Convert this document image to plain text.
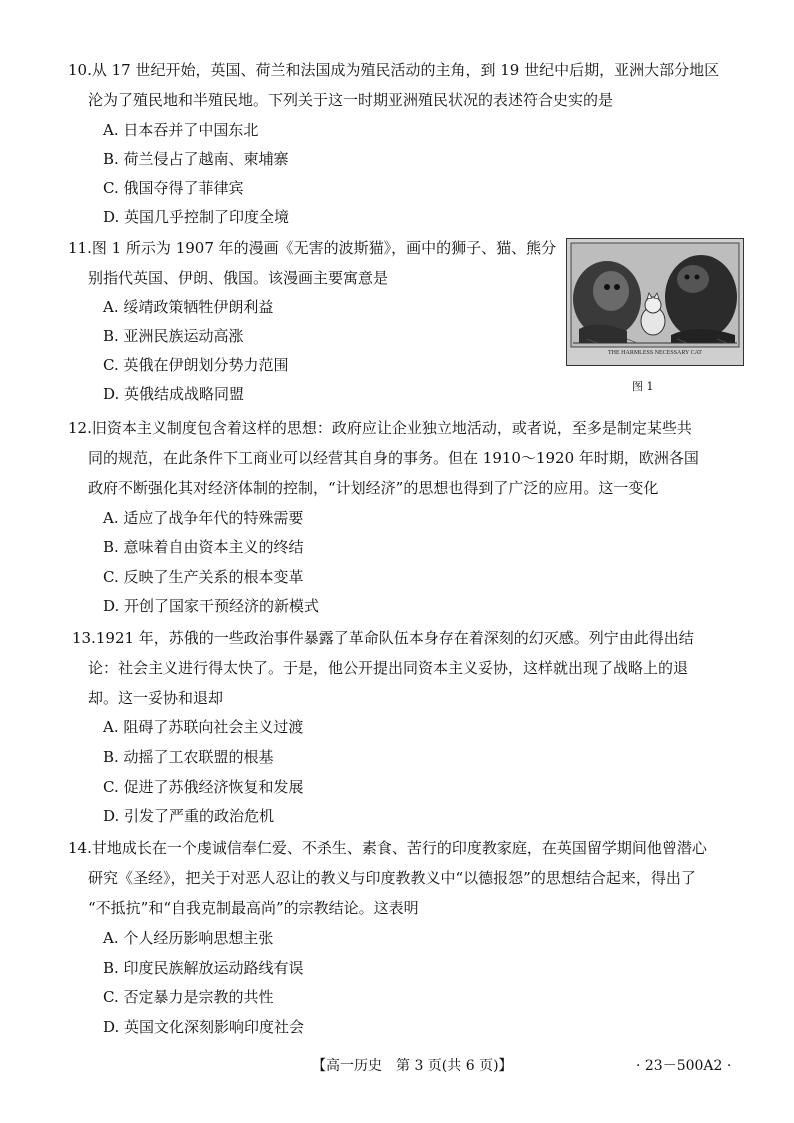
10.从 17 世纪开始，英国、荷兰和法国成为殖民活动的主角，到 19 世纪中后期，亚洲大部分地区
沦为了殖民地和半殖民地。下列关于这一时期亚洲殖民状况的表述符合史实的是
A. 日本吞并了中国东北
B. 荷兰侵占了越南、柬埔寨
C. 俄国夺得了菲律宾
D. 英国几乎控制了印度全境
11.图 1 所示为 1907 年的漫画《无害的波斯猫》，画中的狮子、猫、熊分
别指代英国、伊朗、俄国。该漫画主要寓意是
A. 绥靖政策牺牲伊朗利益
B. 亚洲民族运动高涨
C. 英俄在伊朗划分势力范围
D. 英俄结成战略同盟
THE HARMLESS NECESSARY CAT
图 1
12.旧资本主义制度包含着这样的思想：政府应让企业独立地活动，或者说，至多是制定某些共
同的规范，在此条件下工商业可以经营其自身的事务。但在 1910～1920 年时期，欧洲各国
政府不断强化其对经济体制的控制，“计划经济”的思想也得到了广泛的应用。这一变化
A. 适应了战争年代的特殊需要
B. 意味着自由资本主义的终结
C. 反映了生产关系的根本变革
D. 开创了国家干预经济的新模式
13.1921 年，苏俄的一些政治事件暴露了革命队伍本身存在着深刻的幻灭感。列宁由此得出结
论：社会主义进行得太快了。于是，他公开提出同资本主义妥协，这样就出现了战略上的退
却。这一妥协和退却
A. 阻碍了苏联向社会主义过渡
B. 动摇了工农联盟的根基
C. 促进了苏俄经济恢复和发展
D. 引发了严重的政治危机
14.甘地成长在一个虔诚信奉仁爱、不杀生、素食、苦行的印度教家庭，在英国留学期间他曾潜心
研究《圣经》，把关于对恶人忍让的教义与印度教教义中“以德报怨”的思想结合起来，得出了
“不抵抗”和“自我克制最高尚”的宗教结论。这表明
A. 个人经历影响思想主张
B. 印度民族解放运动路线有误
C. 否定暴力是宗教的共性
D. 英国文化深刻影响印度社会
【高一历史　第 3 页(共 6 页)】	· 23－500A2 ·
